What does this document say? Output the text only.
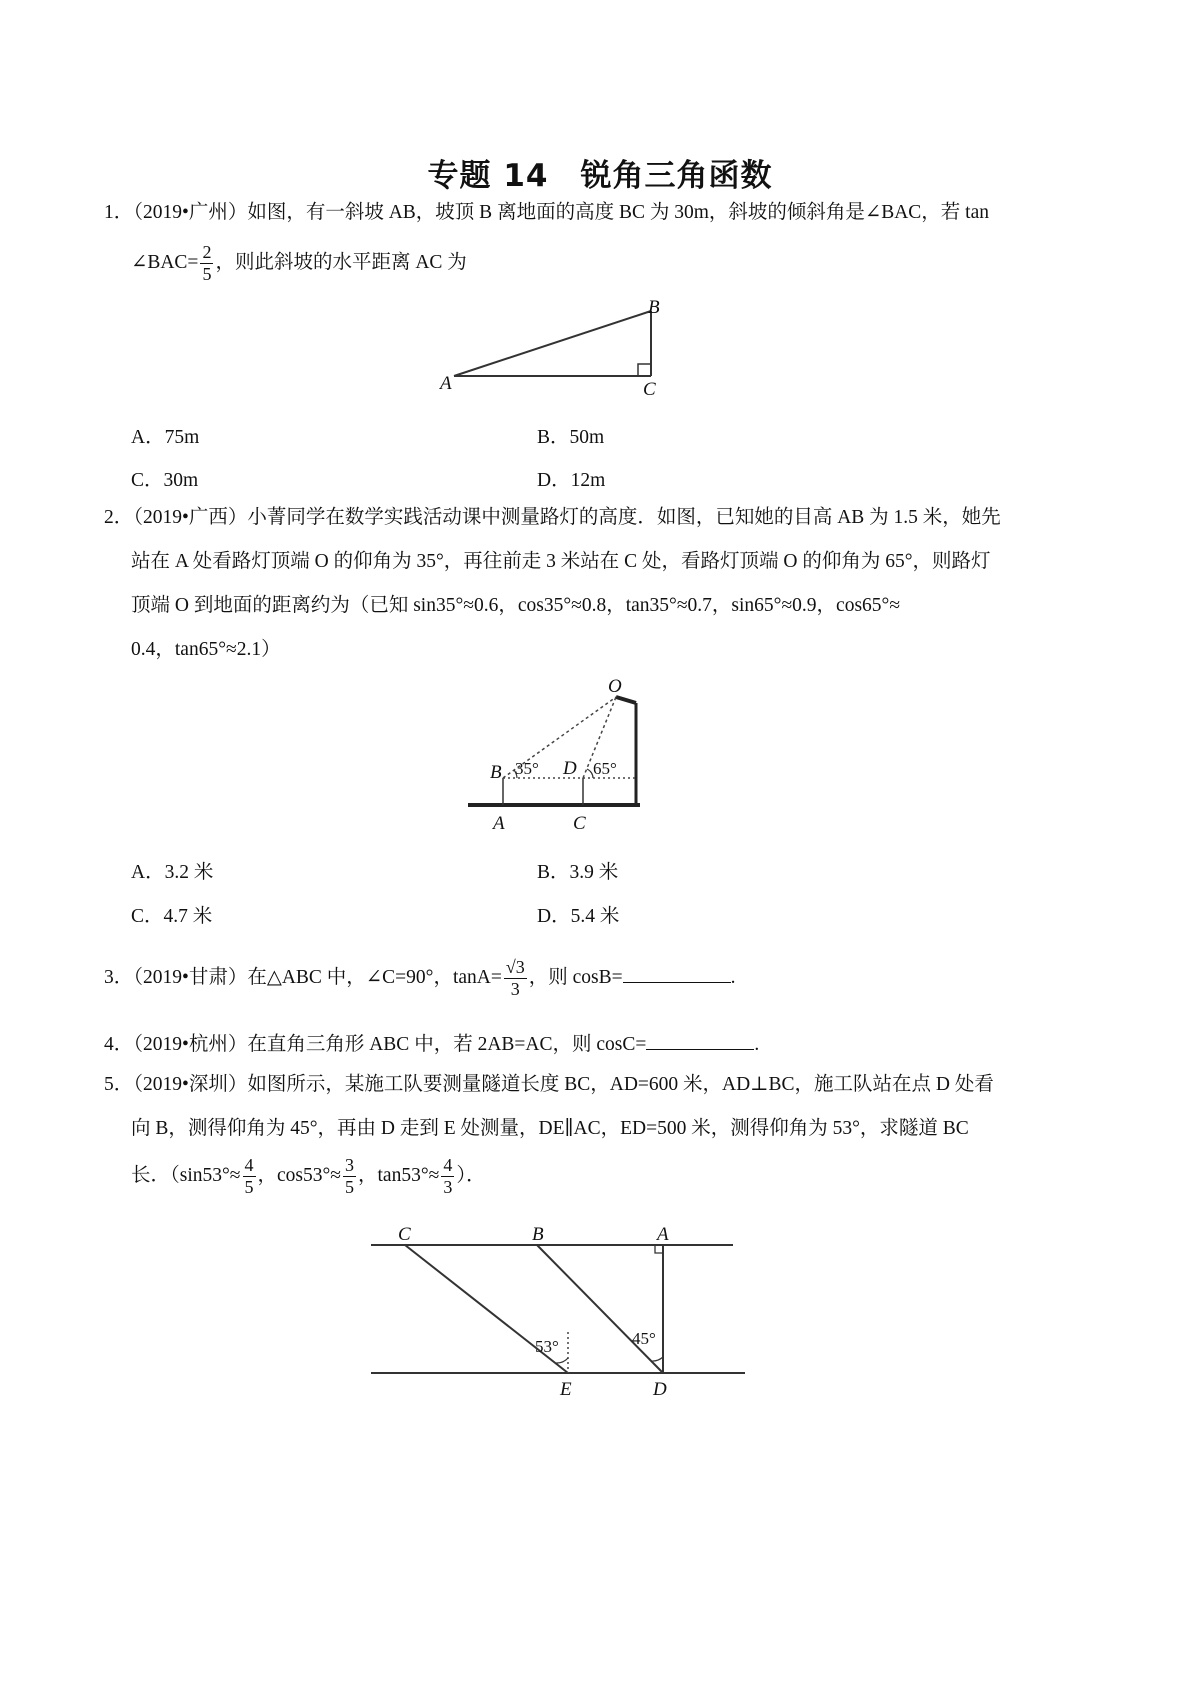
专题 14　锐角三角函数
1．（2019•广州）如图，有一斜坡 AB，坡顶 B 离地面的高度 BC 为 30m，斜坡的倾斜角是∠BAC，若 tan
∠BAC= $\frac{2}{5}$ ，则此斜坡的水平距离 AC 为
A
B
C
A．75m	B．50m
C．30m	D．12m
2．（2019•广西）小菁同学在数学实践活动课中测量路灯的高度．如图，已知她的目高 AB 为 1.5 米，她先
站在 A 处看路灯顶端 O 的仰角为 35°，再往前走 3 米站在 C 处，看路灯顶端 O 的仰角为 65°，则路灯
顶端 O 到地面的距离约为（已知 sin35°≈0.6，cos35°≈0.8，tan35°≈0.7，sin65°≈0.9，cos65°≈
0.4，tan65°≈2.1）
O
B 35° D 65°
A	C
A．3.2 米	B．3.9 米
C．4.7 米	D．5.4 米
3．（2019•甘肃）在△ABC 中，∠C=90°，$\tan A= \frac{√3}{3}$ ，则 cosB=	.
4．（2019•杭州）在直角三角形 ABC 中，若 2AB=AC，则 cosC=	.
5．（2019•深圳）如图所示，某施工队要测量隧道长度 BC，AD=600 米，AD⊥BC，施工队站在点 D 处看
向 B，测得仰角为 45°，再由 D 走到 E 处测量，DE∥AC，ED=500 米，测得仰角为 53°，求隧道 BC
长．（$\sin 53^\circ\approx \frac{4}{5}$ ，$\cos 53^\circ\approx \frac{3}{5}$ ，$\tan 53^\circ\approx \frac{4}{3}$ ）．
C	B	A
53°	45°
E	D
